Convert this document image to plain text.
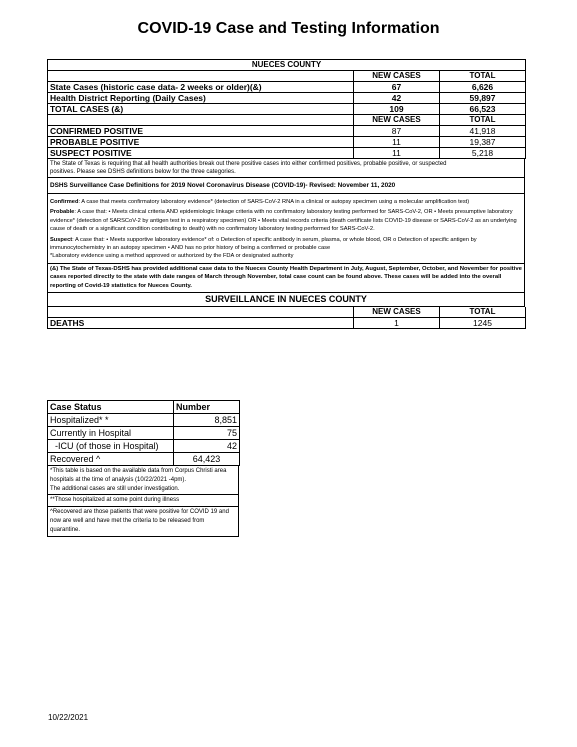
COVID-19 Case and Testing Information
NUECES COUNTY		
	NEW CASES	TOTAL
State Cases (historic case data- 2 weeks or older)(&)	67	6,626
Health District Reporting (Daily Cases)	42	59,897
TOTAL CASES (&)	109	66,523
	NEW CASES	TOTAL
CONFIRMED POSITIVE	87	41,918
PROBABLE POSITIVE	11	19,387
SUSPECT POSITIVE	11	5,218

The State of Texas is requiring that all health authorities break out there positive cases into either confirmed positives, probable positive, or suspected

positives. Please see DSHS definitions below for the three categories.

DSHS Surveillance Case Definitions for 2019 Novel Coronavirus Disease (COVID-19)- Revised: November 11, 2020

Confirmed: A case that meets confirmatory laboratory evidence* (detection of SARS-CoV-2 RNA in a clinical or autopsy specimen using a molecular amplification test)

Probable: A case that: • Meets clinical criteria AND epidemiologic linkage criteria with no confirmatory laboratory testing performed for SARS-CoV-2, OR • Meets presumptive laboratory evidence* (detection of SARSCoV-2 by antigen test in a respiratory specimen) OR • Meets vital records criteria (death certificate lists COVID-19 disease or SARS-CoV-2 as an underlying cause of death or a significant condition contributing to death) with no confirmatory laboratory testing performed for SARS-CoV-2.

Suspect: A case that: • Meets supportive laboratory evidence* of: o Detection of specific antibody in serum, plasma, or whole blood, OR o Detection of specific antigen by immunocytochemistry in an autopsy specimen • AND has no prior history of being a confirmed or probable case

*Laboratory evidence using a method approved or authorized by the FDA or designated authority

(&) The State of Texas-DSHS has provided additional case data to the Nueces County Health Department in July, August, September, October, and November for positive cases reported directly to the state with date ranges of March through November, total case count can be found above. These cases will be added into the overall reporting of Covid-19 statistics for Nueces County.
SURVEILLANCE IN NUECES COUNTY
	NEW CASES	TOTAL
DEATHS	1	1245
Case Status	Number
Hospitalized* *	8,851
Currently in Hospital	75
-ICU (of those in Hospital)	42
Recovered ^	64,423
*This table is based on the available data from Corpus Christi area hospitals at the time of analysis (10/22/2021 -4pm).
The additional cases are still under investigation.
**Those hospitalized at some point during illness
^Recovered are those patients that were positive for COVID 19 and now are well and have met the criteria to be released from quarantine.
10/22/2021
